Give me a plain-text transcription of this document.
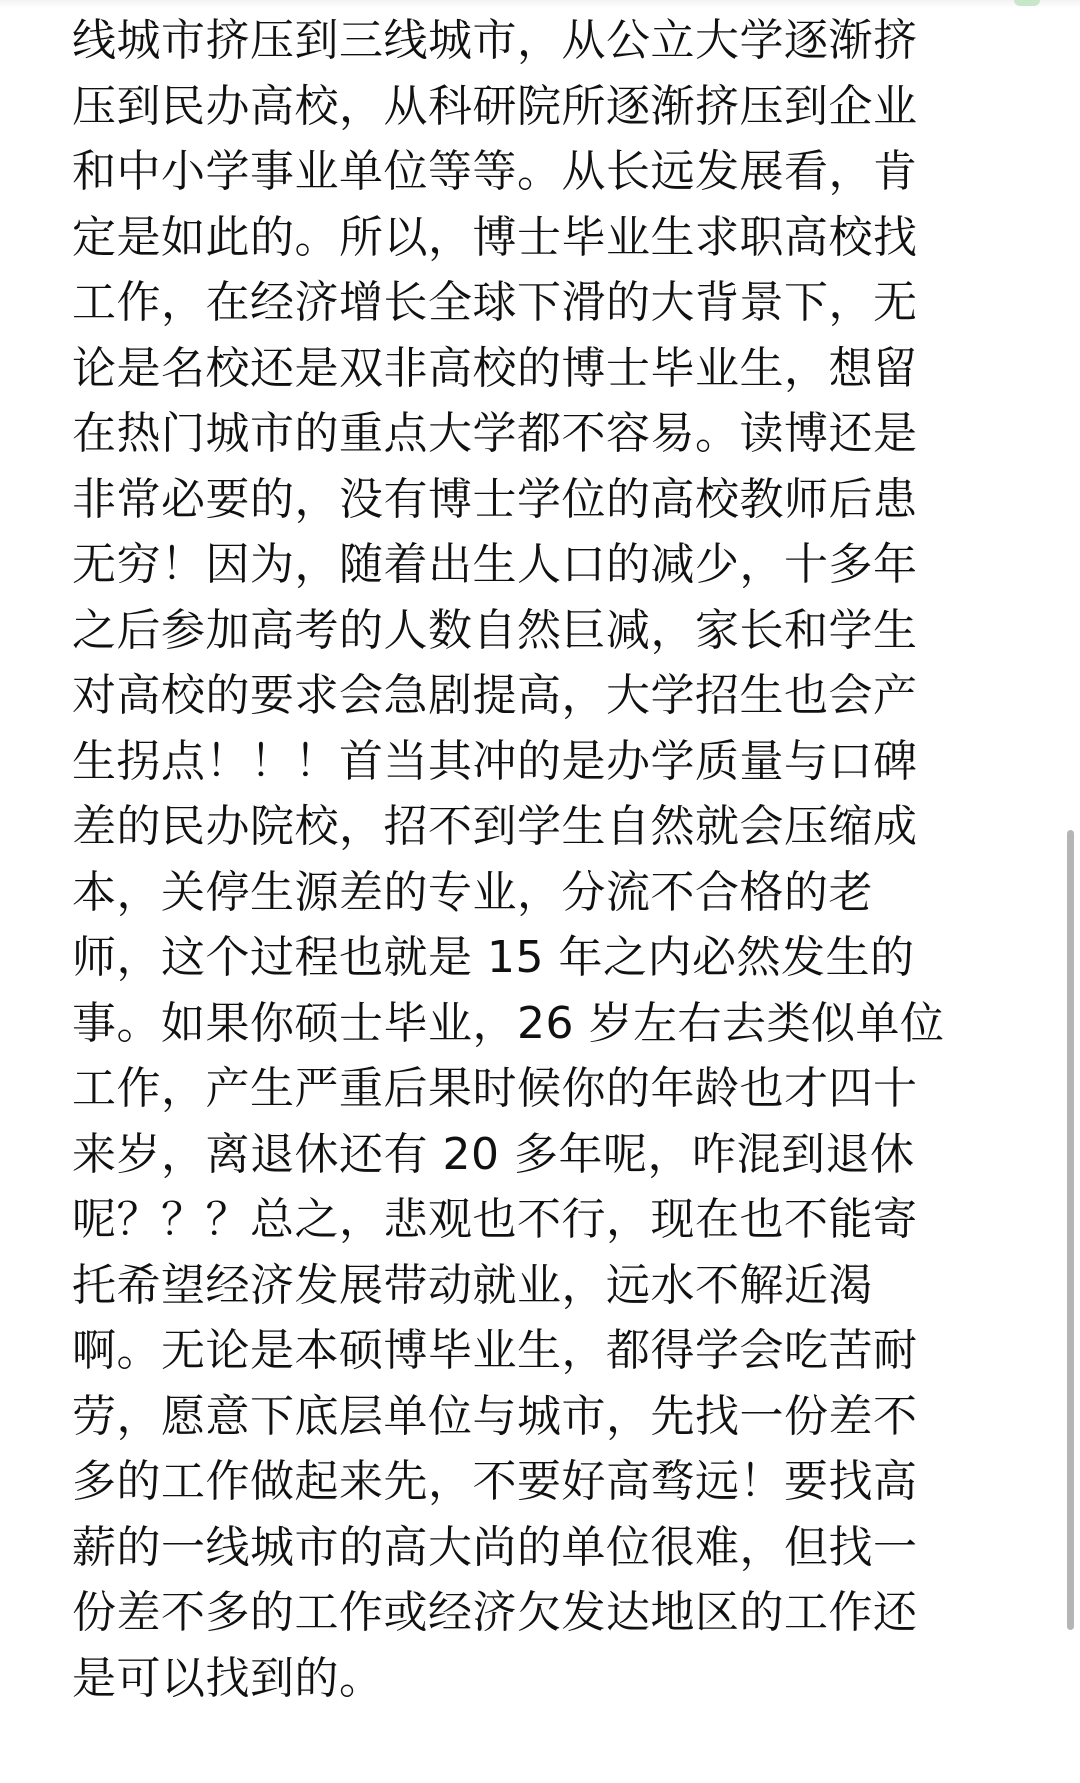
线城市挤压到三线城市，从公立大学逐渐挤
压到民办高校，从科研院所逐渐挤压到企业
和中小学事业单位等等。从长远发展看，肯
定是如此的。所以，博士毕业生求职高校找
工作，在经济增长全球下滑的大背景下，无
论是名校还是双非高校的博士毕业生，想留
在热门城市的重点大学都不容易。读博还是
非常必要的，没有博士学位的高校教师后患
无穷！因为，随着出生人口的减少，十多年
之后参加高考的人数自然巨减，家长和学生
对高校的要求会急剧提高，大学招生也会产
生拐点！！！首当其冲的是办学质量与口碑
差的民办院校，招不到学生自然就会压缩成
本，关停生源差的专业，分流不合格的老
师，这个过程也就是 15 年之内必然发生的
事。如果你硕士毕业，26 岁左右去类似单位
工作，产生严重后果时候你的年龄也才四十
来岁，离退休还有 20 多年呢，咋混到退休
呢？？？总之，悲观也不行，现在也不能寄
托希望经济发展带动就业，远水不解近渴
啊。无论是本硕博毕业生，都得学会吃苦耐
劳，愿意下底层单位与城市，先找一份差不
多的工作做起来先，不要好高骛远！要找高
薪的一线城市的高大尚的单位很难，但找一
份差不多的工作或经济欠发达地区的工作还
是可以找到的。
